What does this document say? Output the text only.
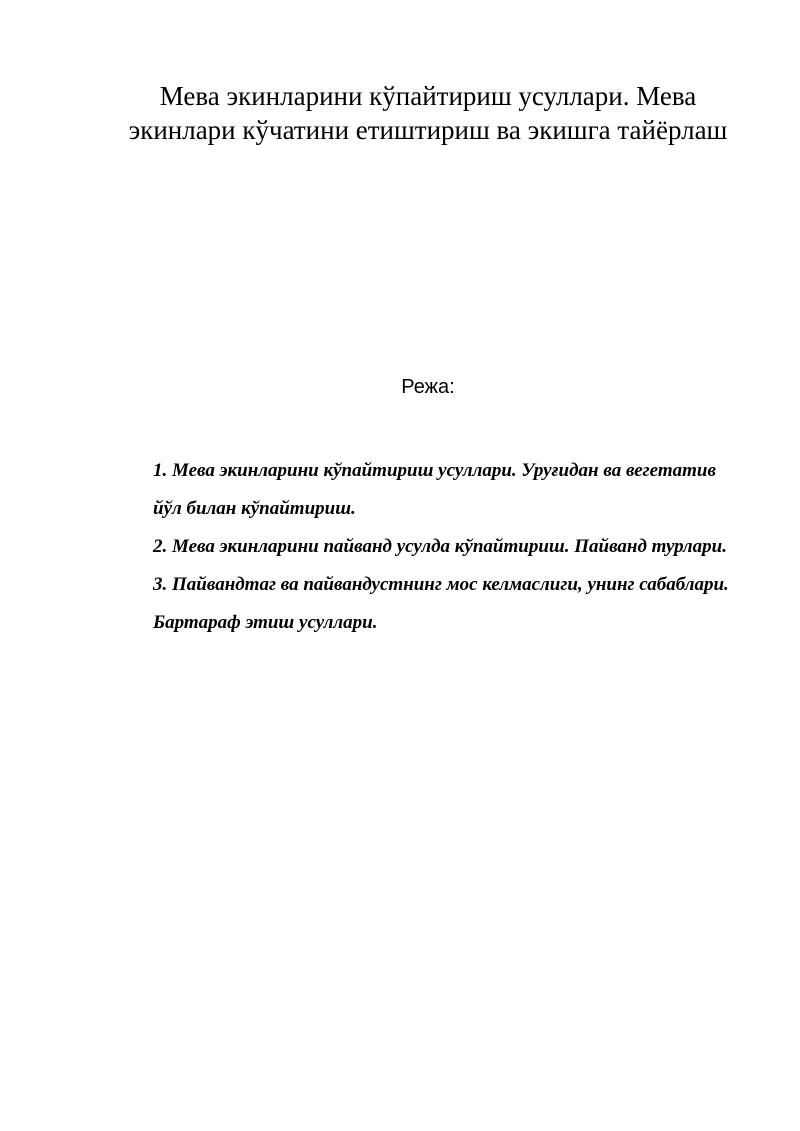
Мева экинларини кўпайтириш усуллари. Мева экинлари кўчатини етиштириш ва экишга тайёрлаш

Режа:

1. Мева экинларини кўпайтириш усуллари. Уруғидан ва вегетатив йўл билан кўпайтириш.
2. Мева экинларини пайванд усулда кўпайтириш. Пайванд турлари.
3. Пайвандтаг ва пайвандустнинг мос келмаслиги, унинг сабаблари. Бартараф этиш усуллари.
